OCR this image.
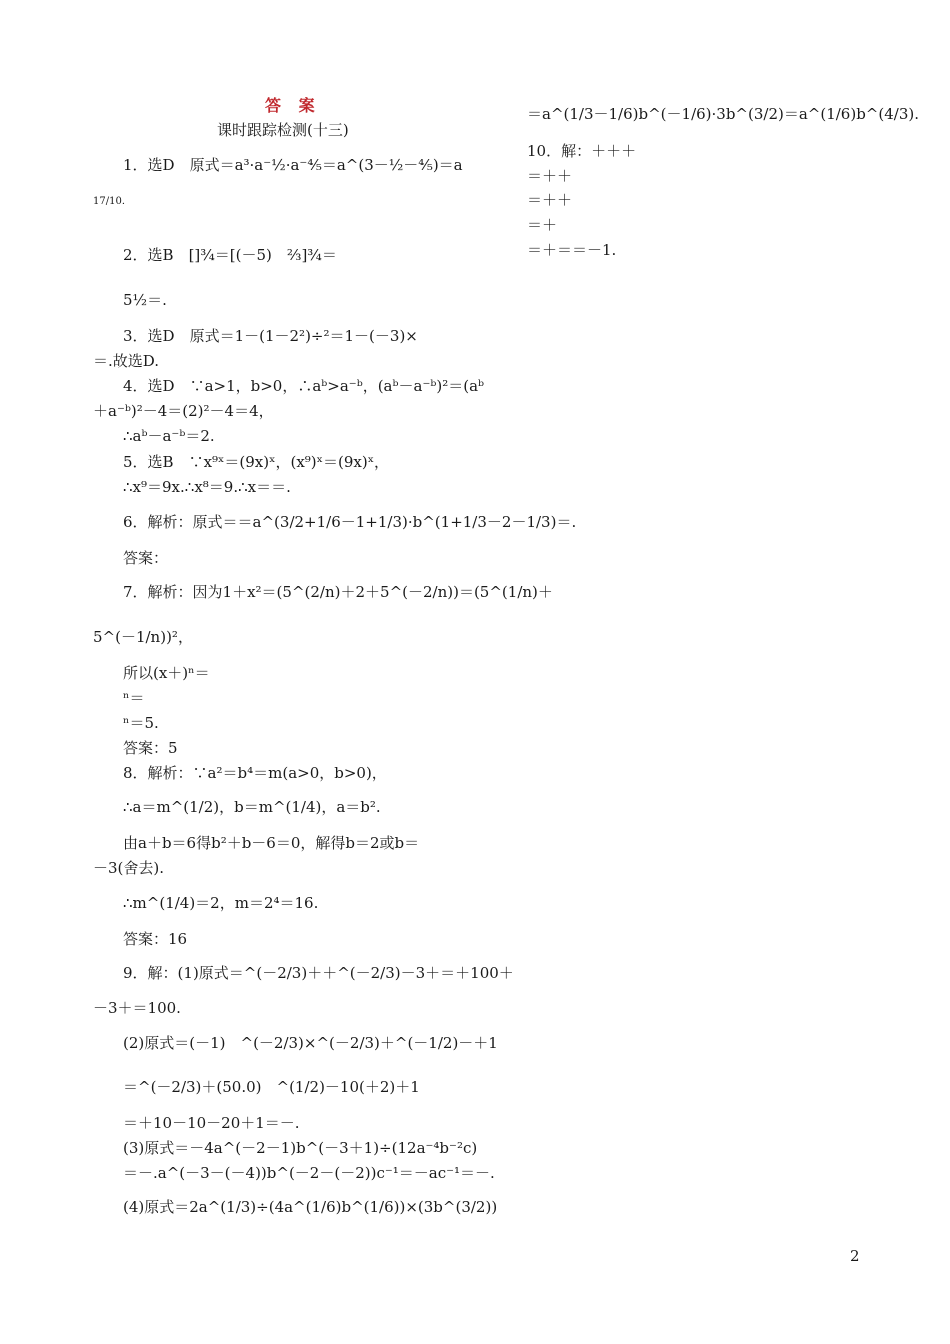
答 案
课时跟踪检测(十三)
1．选D　原式＝a³·a⁻½·a⁻⁴⁄₅＝a^(3－½－⁴⁄₅)＝a
17/10．
2．选B　[]¾＝[(－5)　⅔]¾＝
5½＝.
3．选D　原式＝1－(1－2²)÷²＝1－(－3)×
＝.故选D.
4．选D　∵a>1，b>0，∴aᵇ>a⁻ᵇ，(aᵇ－a⁻ᵇ)²＝(aᵇ
＋a⁻ᵇ)²－4＝(2)²－4＝4，
∴aᵇ－a⁻ᵇ＝2.
5．选B　∵x⁹ˣ＝(9x)ˣ，(x⁹)ˣ＝(9x)ˣ，
∴x⁹＝9x.∴x⁸＝9.∴x＝＝.
6．解析：原式＝＝a^(3/2+1/6－1+1/3)·b^(1+1/3－2－1/3)＝.
答案：
7．解析：因为1＋x²＝(5^(2/n)＋2＋5^(－2/n))＝(5^(1/n)＋
5^(－1/n))²，
所以(x＋)ⁿ＝
ⁿ＝
ⁿ＝5.
答案：5
8．解析：∵a²＝b⁴＝m(a>0，b>0)，
∴a＝m^(1/2)，b＝m^(1/4)，a＝b².
由a＋b＝6得b²＋b－6＝0，解得b＝2或b＝
－3(舍去).
∴m^(1/4)＝2，m＝2⁴＝16.
答案：16
9．解：(1)原式＝^(－2/3)＋＋^(－2/3)－3＋＝＋100＋
－3＋＝100.
(2)原式＝(－1)　^(－2/3)×^(－2/3)＋^(－1/2)－＋1
＝^(－2/3)＋(50.0)　^(1/2)－10(＋2)＋1
＝＋10－10－20＋1＝－.
(3)原式＝－4a^(－2－1)b^(－3＋1)÷(12a⁻⁴b⁻²c)
＝－.a^(－3－(－4))b^(－2－(－2))c⁻¹＝－ac⁻¹＝－.
(4)原式＝2a^(1/3)÷(4a^(1/6)b^(1/6))×(3b^(3/2))
＝a^(1/3－1/6)b^(－1/6)·3b^(3/2)＝a^(1/6)b^(4/3).
10．解：＋＋＋
＝＋＋
＝＋＋
＝＋
＝＋＝＝－1.
2
